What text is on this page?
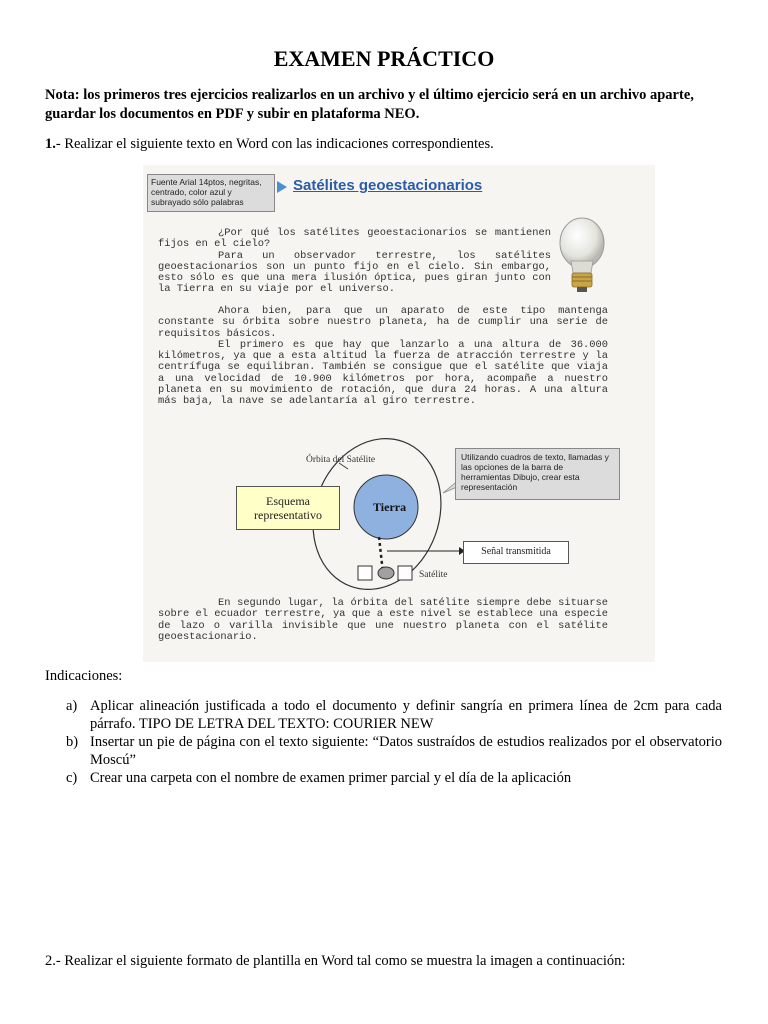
EXAMEN PRÁCTICO
Nota: los primeros tres ejercicios realizarlos en un archivo y el último ejercicio será en un archivo aparte, guardar los documentos en PDF y subir en plataforma NEO.
1.- Realizar el siguiente texto en Word con las indicaciones correspondientes.
Fuente Arial 14ptos, negritas, centrado, color azul y subrayado sólo palabras
Satélites geoestacionarios

¿Por qué los satélites geoestacionarios se mantienen fijos en el cielo?

Para un observador terrestre, los satélites geoestacionarios son un punto fijo en el cielo. Sin embargo, esto sólo es que una mera ilusión óptica, pues giran junto con la Tierra en su viaje por el universo.

Ahora bien, para que un aparato de este tipo mantenga constante su órbita sobre nuestro planeta, ha de cumplir una serie de requisitos básicos.

El primero es que hay que lanzarlo a una altura de 36.000 kilómetros, ya que a esta altitud la fuerza de atracción terrestre y la centrífuga se equilibran. También se consigue que el satélite que viaja a una velocidad de 10.900 kilómetros por hora, acompañe a nuestro planeta en su movimiento de rotación, que dura 24 horas. A una altura más baja, la nave se adelantaría al giro terrestre.

Órbita del Satélite
Esquema representativo
Utilizando cuadros de texto, llamadas y las opciones de la barra de herramientas Dibujo, crear esta representación
Tierra
Señal transmitida
Satélite

En segundo lugar, la órbita del satélite siempre debe situarse sobre el ecuador terrestre, ya que a este nivel se establece una especie de lazo o varilla invisible que une nuestro planeta con el satélite geoestacionario.

Indicaciones:
a) Aplicar alineación justificada a todo el documento y definir sangría en primera línea de 2cm para cada párrafo. TIPO DE LETRA DEL TEXTO: COURIER NEW
b) Insertar un pie de página con el texto siguiente: “Datos sustraídos de estudios realizados por el observatorio Moscú”
c) Crear una carpeta con el nombre de examen primer parcial y el día de la aplicación
2.- Realizar el siguiente formato de plantilla en Word tal como se muestra la imagen a continuación:
